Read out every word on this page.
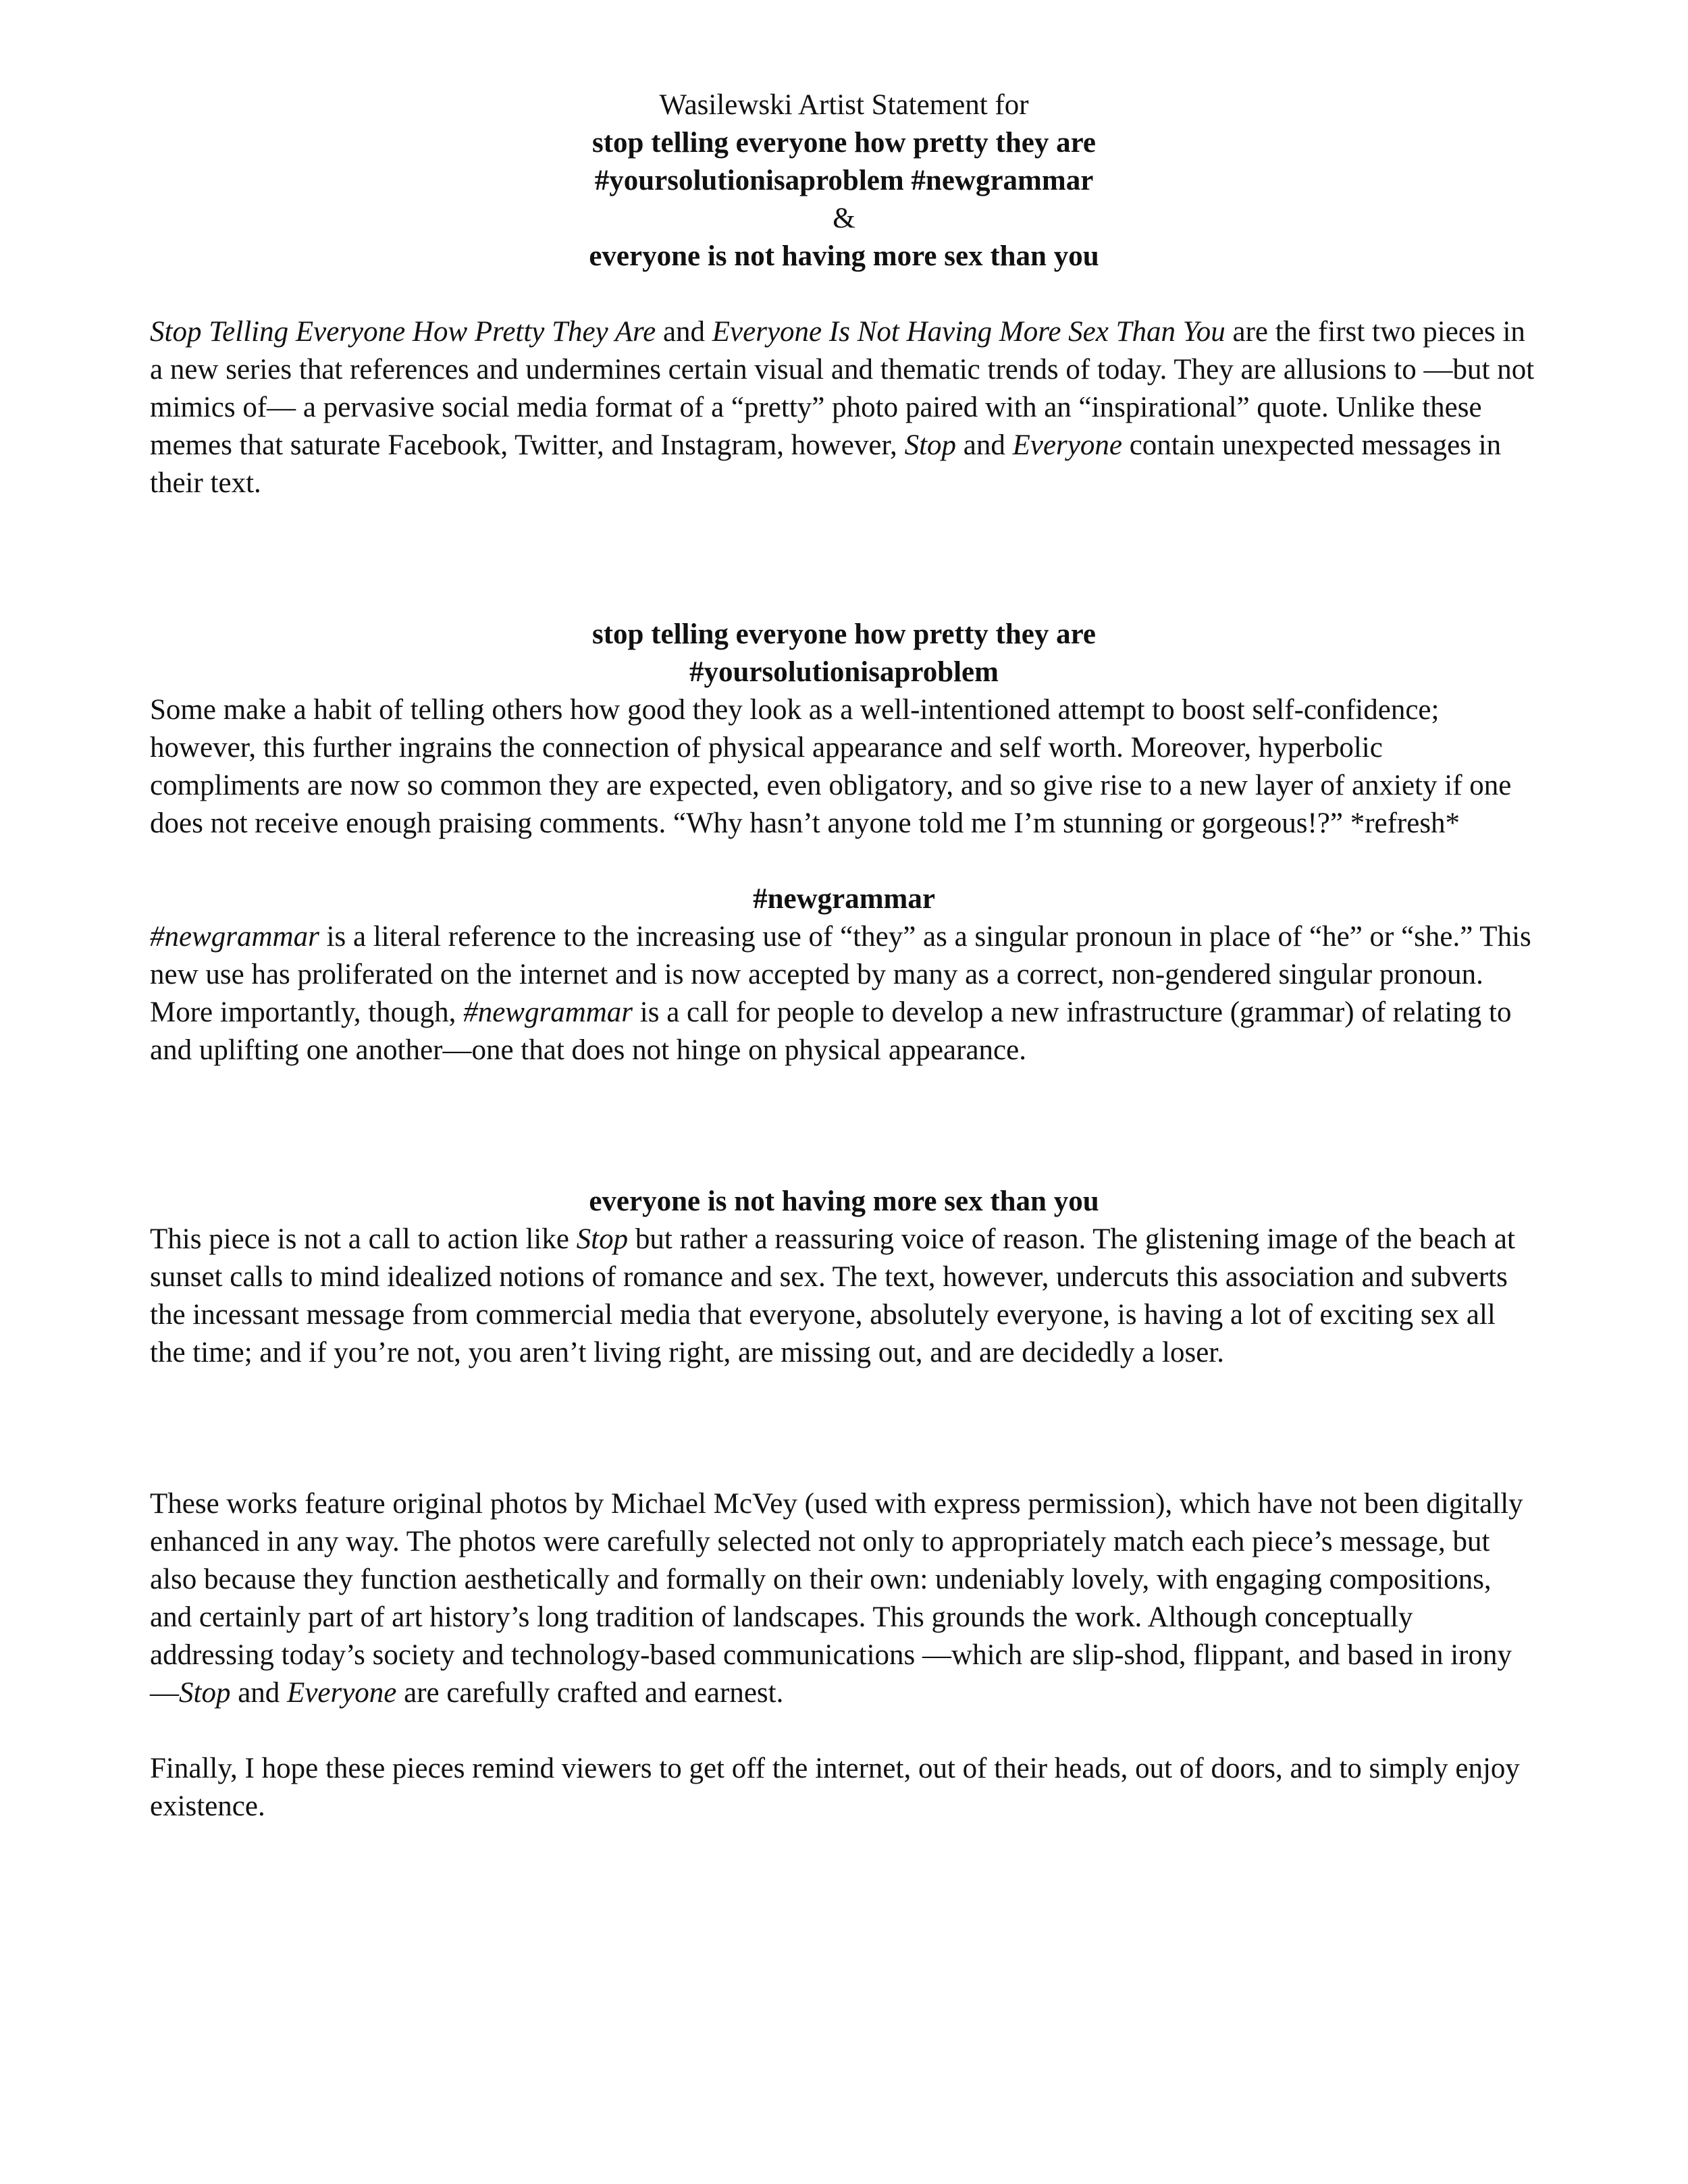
Wasilewski Artist Statement for
stop telling everyone how pretty they are
#yoursolutionisaproblem #newgrammar
&
everyone is not having more sex than you

Stop Telling Everyone How Pretty They Are and Everyone Is Not Having More Sex Than You are the first two pieces in a new series that references and undermines certain visual and thematic trends of today. They are allusions to —but not mimics of— a pervasive social media format of a “pretty” photo paired with an “inspirational” quote. Unlike these memes that saturate Facebook, Twitter, and Instagram, however, Stop and Everyone contain unexpected messages in their text.

stop telling everyone how pretty they are
#yoursolutionisaproblem

Some make a habit of telling others how good they look as a well-intentioned attempt to boost self-confidence; however, this further ingrains the connection of physical appearance and self worth. Moreover, hyperbolic compliments are now so common they are expected, even obligatory, and so give rise to a new layer of anxiety if one does not receive enough praising comments. “Why hasn’t anyone told me I’m stunning or gorgeous!?” *refresh*

#newgrammar

#newgrammar is a literal reference to the increasing use of “they” as a singular pronoun in place of “he” or “she.” This new use has proliferated on the internet and is now accepted by many as a correct, non-gendered singular pronoun. More importantly, though, #newgrammar is a call for people to develop a new infrastructure (grammar) of relating to and uplifting one another—one that does not hinge on physical appearance.

everyone is not having more sex than you

This piece is not a call to action like Stop but rather a reassuring voice of reason. The glistening image of the beach at sunset calls to mind idealized notions of romance and sex. The text, however, undercuts this association and subverts the incessant message from commercial media that everyone, absolutely everyone, is having a lot of exciting sex all the time; and if you’re not, you aren’t living right, are missing out, and are decidedly a loser.

These works feature original photos by Michael McVey (used with express permission), which have not been digitally enhanced in any way. The photos were carefully selected not only to appropriately match each piece’s message, but also because they function aesthetically and formally on their own: undeniably lovely, with engaging compositions, and certainly part of art history’s long tradition of landscapes. This grounds the work. Although conceptually addressing today’s society and technology-based communications —which are slip-shod, flippant, and based in irony—Stop and Everyone are carefully crafted and earnest.

Finally, I hope these pieces remind viewers to get off the internet, out of their heads, out of doors, and to simply enjoy existence.
